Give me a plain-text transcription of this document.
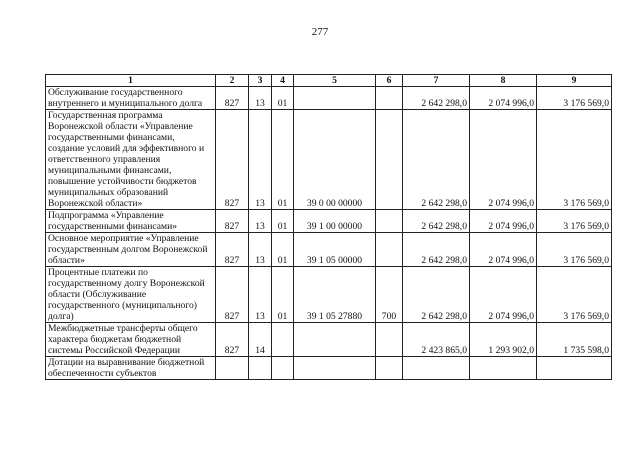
277
1	2	3	4	5	6	7	8	9
Обслуживание государственного внутреннего и муниципального долга	827	13	01			2 642 298,0	2 074 996,0	3 176 569,0
Государственная программа Воронежской области «Управление государственными финансами, создание условий для эффективного и ответственного управления муниципальными финансами, повышение устойчивости бюджетов муниципальных образований Воронежской области»	827	13	01	39 0 00 00000		2 642 298,0	2 074 996,0	3 176 569,0
Подпрограмма «Управление государственными финансами»	827	13	01	39 1 00 00000		2 642 298,0	2 074 996,0	3 176 569,0
Основное мероприятие «Управление государственным долгом Воронежской области»	827	13	01	39 1 05 00000		2 642 298,0	2 074 996,0	3 176 569,0
Процентные платежи по государственному долгу Воронежской области (Обслуживание государственного (муниципального) долга)	827	13	01	39 1 05 27880	700	2 642 298,0	2 074 996,0	3 176 569,0
Межбюджетные трансферты общего характера бюджетам бюджетной системы Российской Федерации	827	14				2 423 865,0	1 293 902,0	1 735 598,0
Дотации на выравнивание бюджетной обеспеченности субъектов								
